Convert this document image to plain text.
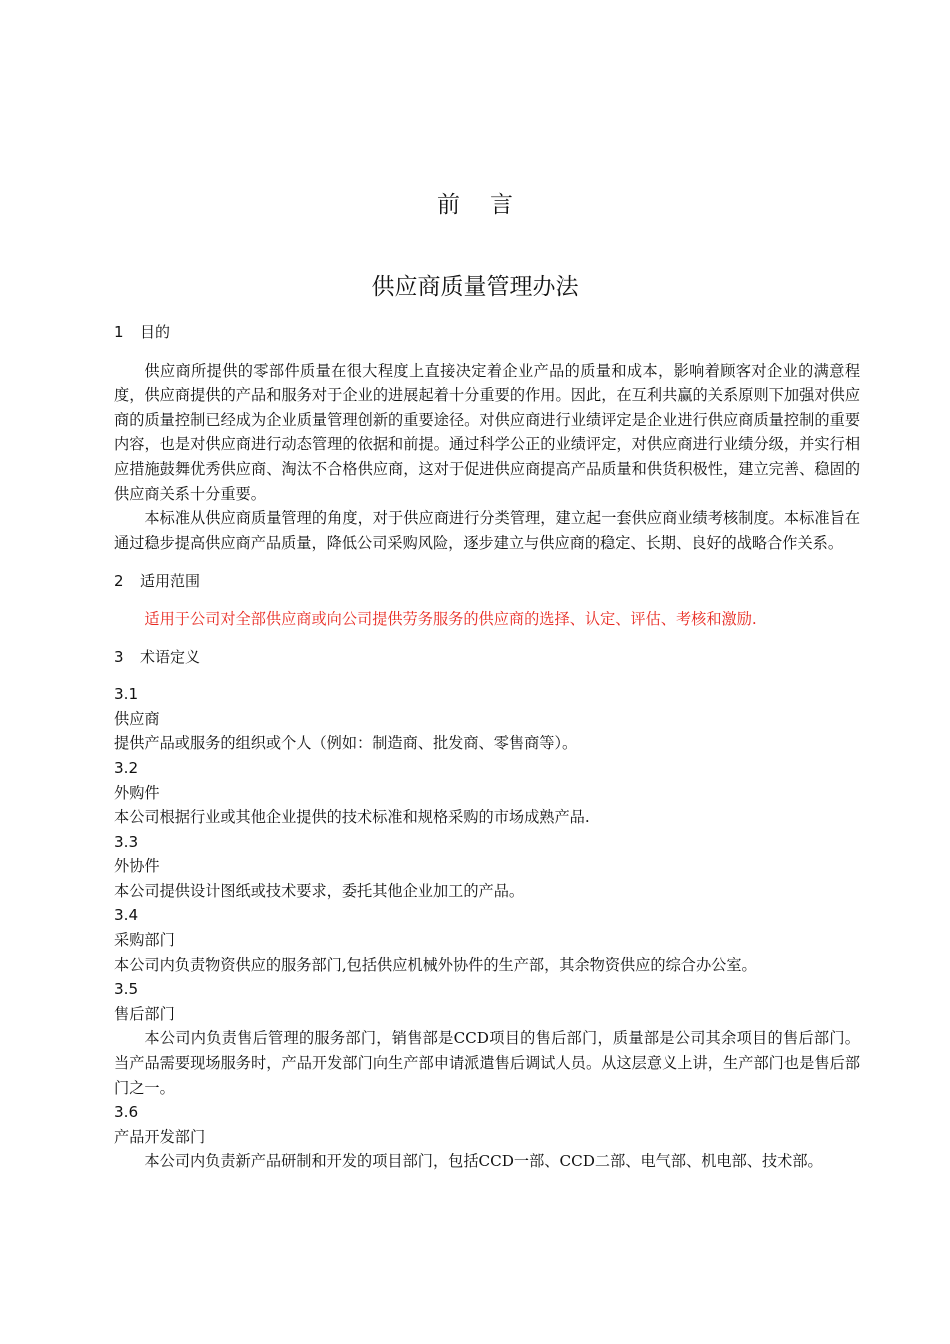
前言
供应商质量管理办法

1 目的

供应商所提供的零部件质量在很大程度上直接决定着企业产品的质量和成本，影响着顾客对企业的满意程度，供应商提供的产品和服务对于企业的进展起着十分重要的作用。因此，在互利共赢的关系原则下加强对供应商的质量控制已经成为企业质量管理创新的重要途径。对供应商进行业绩评定是企业进行供应商质量控制的重要内容，也是对供应商进行动态管理的依据和前提。通过科学公正的业绩评定，对供应商进行业绩分级，并实行相应措施鼓舞优秀供应商、淘汰不合格供应商，这对于促进供应商提高产品质量和供货积极性，建立完善、稳固的供应商关系十分重要。

本标准从供应商质量管理的角度，对于供应商进行分类管理，建立起一套供应商业绩考核制度。本标准旨在通过稳步提高供应商产品质量，降低公司采购风险，逐步建立与供应商的稳定、长期、良好的战略合作关系。

2 适用范围

适用于公司对全部供应商或向公司提供劳务服务的供应商的选择、认定、评估、考核和激励.

3 术语定义

3.1

供应商

提供产品或服务的组织或个人（例如：制造商、批发商、零售商等）。

3.2

外购件

本公司根据行业或其他企业提供的技术标准和规格采购的市场成熟产品.

3.3

外协件

本公司提供设计图纸或技术要求，委托其他企业加工的产品。

3.4

采购部门

本公司内负责物资供应的服务部门,包括供应机械外协件的生产部，其余物资供应的综合办公室。

3.5

售后部门

本公司内负责售后管理的服务部门，销售部是CCD项目的售后部门，质量部是公司其余项目的售后部门。当产品需要现场服务时，产品开发部门向生产部申请派遣售后调试人员。从这层意义上讲，生产部门也是售后部门之一。

3.6

产品开发部门

本公司内负责新产品研制和开发的项目部门，包括CCD一部、CCD二部、电气部、机电部、技术部。
